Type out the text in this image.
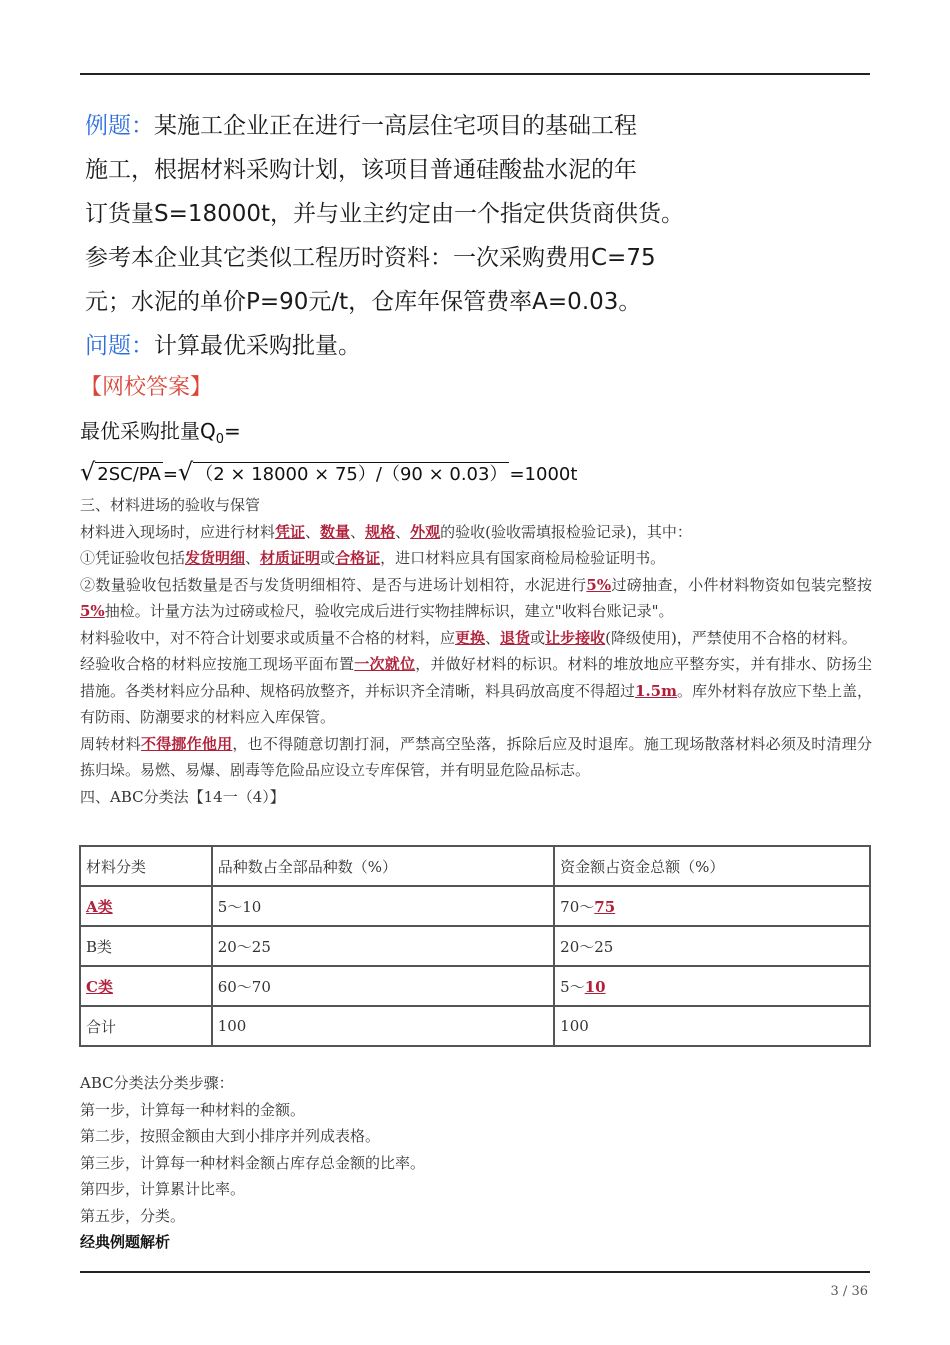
例题：某施工企业正在进行一高层住宅项目的基础工程

施工，根据材料采购计划，该项目普通硅酸盐水泥的年

订货量S=18000t，并与业主约定由一个指定供货商供货。

参考本企业其它类似工程历时资料：一次采购费用C=75

元；水泥的单价P=90元/t，仓库年保管费率A=0.03。

问题：计算最优采购批量。

【网校答案】
最优采购批量$Q_0=$
√ 2SC/PA =√ （2 × 18000 × 75）/（90 × 0.03） =1000t

三、材料进场的验收与保管

材料进入现场时，应进行材料凭证、数量、规格、外观的验收(验收需填报检验记录)，其中：

①凭证验收包括发货明细、材质证明或合格证，进口材料应具有国家商检局检验证明书。

②数量验收包括数量是否与发货明细相符、是否与进场计划相符，水泥进行5%过磅抽查，小件材料物资如包装完整按5%抽检。计量方法为过磅或检尺，验收完成后进行实物挂牌标识，建立"收料台账记录"。

材料验收中，对不符合计划要求或质量不合格的材料，应更换、退货或让步接收(降级使用)，严禁使用不合格的材料。

经验收合格的材料应按施工现场平面布置一次就位，并做好材料的标识。材料的堆放地应平整夯实，并有排水、防扬尘措施。各类材料应分品种、规格码放整齐，并标识齐全清晰，料具码放高度不得超过1.5m。库外材料存放应下垫上盖，有防雨、防潮要求的材料应入库保管。

周转材料不得挪作他用，也不得随意切割打洞，严禁高空坠落，拆除后应及时退库。施工现场散落材料必须及时清理分拣归垛。易燃、易爆、剧毒等危险品应设立专库保管，并有明显危险品标志。

四、ABC分类法【14一（4）】

材料分类	品种数占全部品种数（%）	资金额占资金总额（%）
A类	5～10	70～75
B类	20～25	20～25
C类	60～70	5～10
合计	100	100

ABC分类法分类步骤：

第一步，计算每一种材料的金额。

第二步，按照金额由大到小排序并列成表格。

第三步，计算每一种材料金额占库存总金额的比率。

第四步，计算累计比率。

第五步，分类。

经典例题解析

3 / 36
